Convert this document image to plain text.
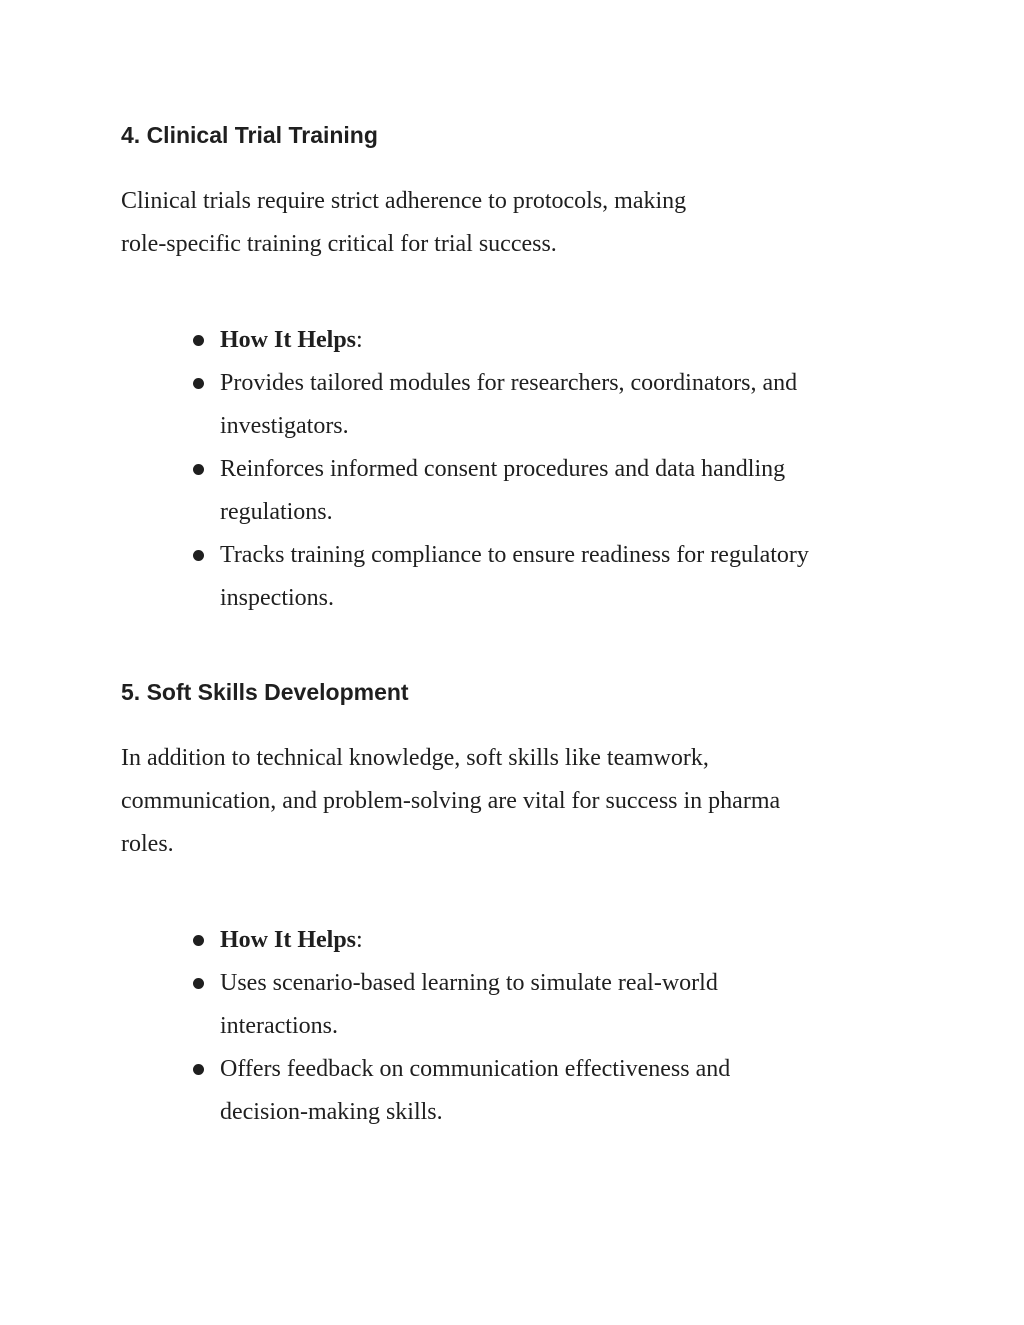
4. Clinical Trial Training

Clinical trials require strict adherence to protocols, making
role-specific training critical for trial success.

How It Helps:
Provides tailored modules for researchers, coordinators, and
investigators.
Reinforces informed consent procedures and data handling
regulations.
Tracks training compliance to ensure readiness for regulatory
inspections.
5. Soft Skills Development

In addition to technical knowledge, soft skills like teamwork,
communication, and problem-solving are vital for success in pharma
roles.

How It Helps:
Uses scenario-based learning to simulate real-world
interactions.
Offers feedback on communication effectiveness and
decision-making skills.
